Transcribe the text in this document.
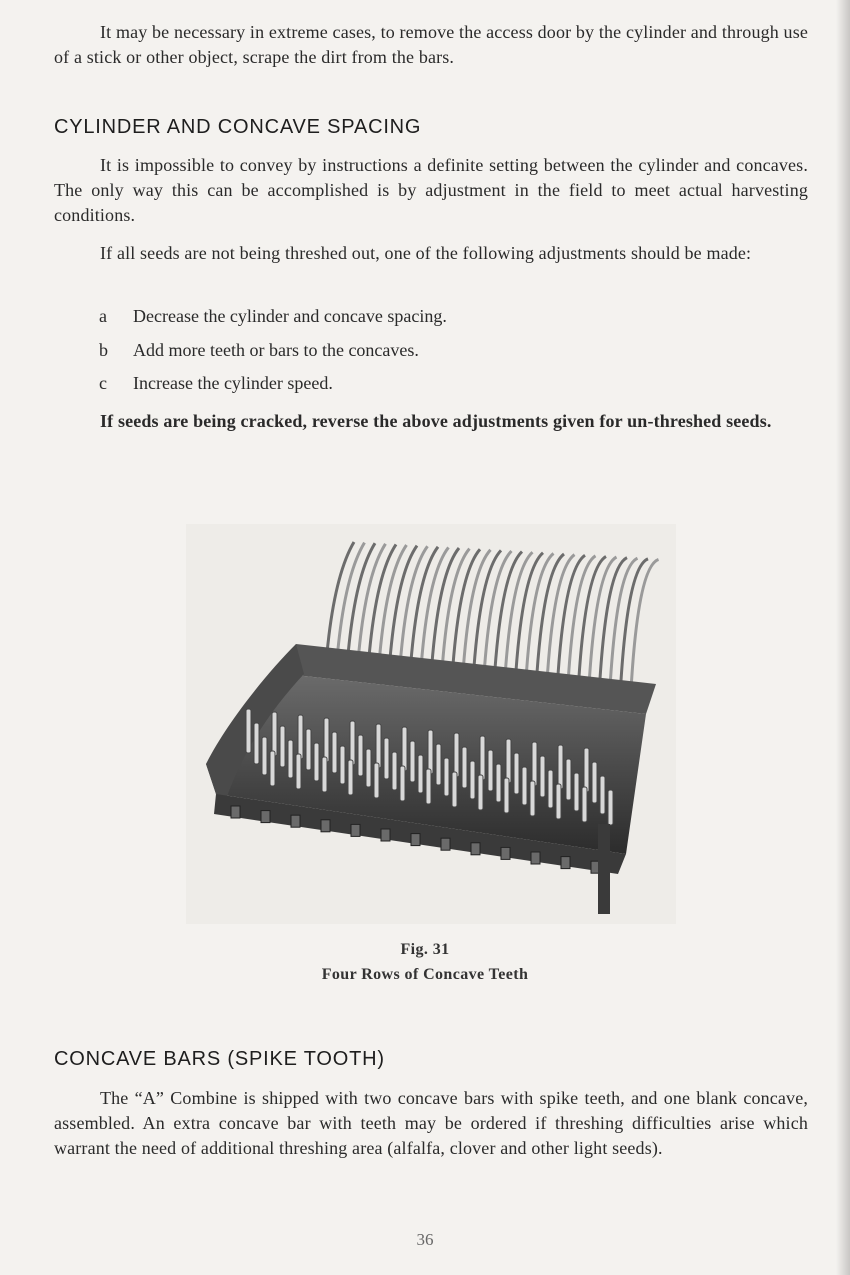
It may be necessary in extreme cases, to remove the access door by the cylinder and through use of a stick or other object, scrape the dirt from the bars.

CYLINDER AND CONCAVE SPACING

It is impossible to convey by instructions a definite setting between the cylinder and concaves. The only way this can be accomplished is by adjustment in the field to meet actual harvesting conditions.

If all seeds are not being threshed out, one of the following adjustments should be made:

a Decrease the cylinder and concave spacing.
b Add more teeth or bars to the concaves.
c Increase the cylinder speed.

If seeds are being cracked, reverse the above adjustments given for un-threshed seeds.

Fig. 31
Four Rows of Concave Teeth
CONCAVE BARS (SPIKE TOOTH)

The “A” Combine is shipped with two concave bars with spike teeth, and one blank concave, assembled. An extra concave bar with teeth may be ordered if threshing difficulties arise which warrant the need of additional threshing area (alfalfa, clover and other light seeds).

36
